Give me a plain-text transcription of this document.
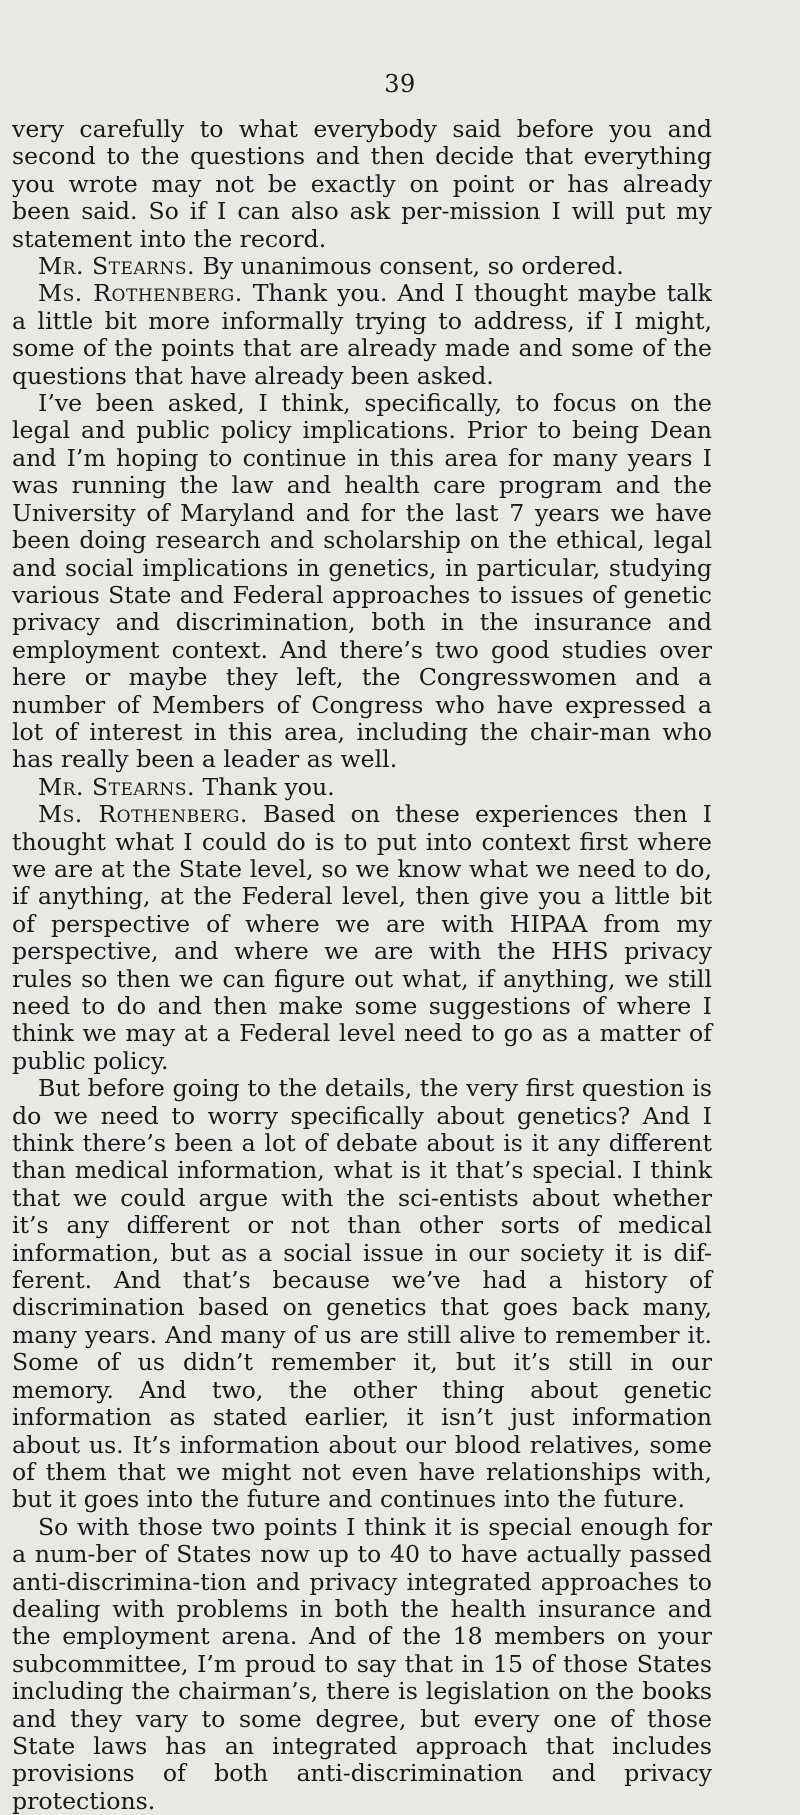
39

very carefully to what everybody said before you and second to the questions and then decide that everything you wrote may not be exactly on point or has already been said. So if I can also ask per-mission I will put my statement into the record.

Mr. Stearns. By unanimous consent, so ordered.

Ms. Rothenberg. Thank you. And I thought maybe talk a little bit more informally trying to address, if I might, some of the points that are already made and some of the questions that have already been asked.

I’ve been asked, I think, specifically, to focus on the legal and public policy implications. Prior to being Dean and I’m hoping to continue in this area for many years I was running the law and health care program and the University of Maryland and for the last 7 years we have been doing research and scholarship on the ethical, legal and social implications in genetics, in particular, studying various State and Federal approaches to issues of genetic privacy and discrimination, both in the insurance and employment context. And there’s two good studies over here or maybe they left, the Congresswomen and a number of Members of Congress who have expressed a lot of interest in this area, including the chair-man who has really been a leader as well.

Mr. Stearns. Thank you.

Ms. Rothenberg. Based on these experiences then I thought what I could do is to put into context first where we are at the State level, so we know what we need to do, if anything, at the Federal level, then give you a little bit of perspective of where we are with HIPAA from my perspective, and where we are with the HHS privacy rules so then we can figure out what, if anything, we still need to do and then make some suggestions of where I think we may at a Federal level need to go as a matter of public policy.

But before going to the details, the very first question is do we need to worry specifically about genetics? And I think there’s been a lot of debate about is it any different than medical information, what is it that’s special. I think that we could argue with the sci-entists about whether it’s any different or not than other sorts of medical information, but as a social issue in our society it is dif-ferent. And that’s because we’ve had a history of discrimination based on genetics that goes back many, many years. And many of us are still alive to remember it. Some of us didn’t remember it, but it’s still in our memory. And two, the other thing about genetic information as stated earlier, it isn’t just information about us. It’s information about our blood relatives, some of them that we might not even have relationships with, but it goes into the future and continues into the future.

So with those two points I think it is special enough for a num-ber of States now up to 40 to have actually passed anti-discrimina-tion and privacy integrated approaches to dealing with problems in both the health insurance and the employment arena. And of the 18 members on your subcommittee, I’m proud to say that in 15 of those States including the chairman’s, there is legislation on the books and they vary to some degree, but every one of those State laws has an integrated approach that includes provisions of both anti-discrimination and privacy protections.
